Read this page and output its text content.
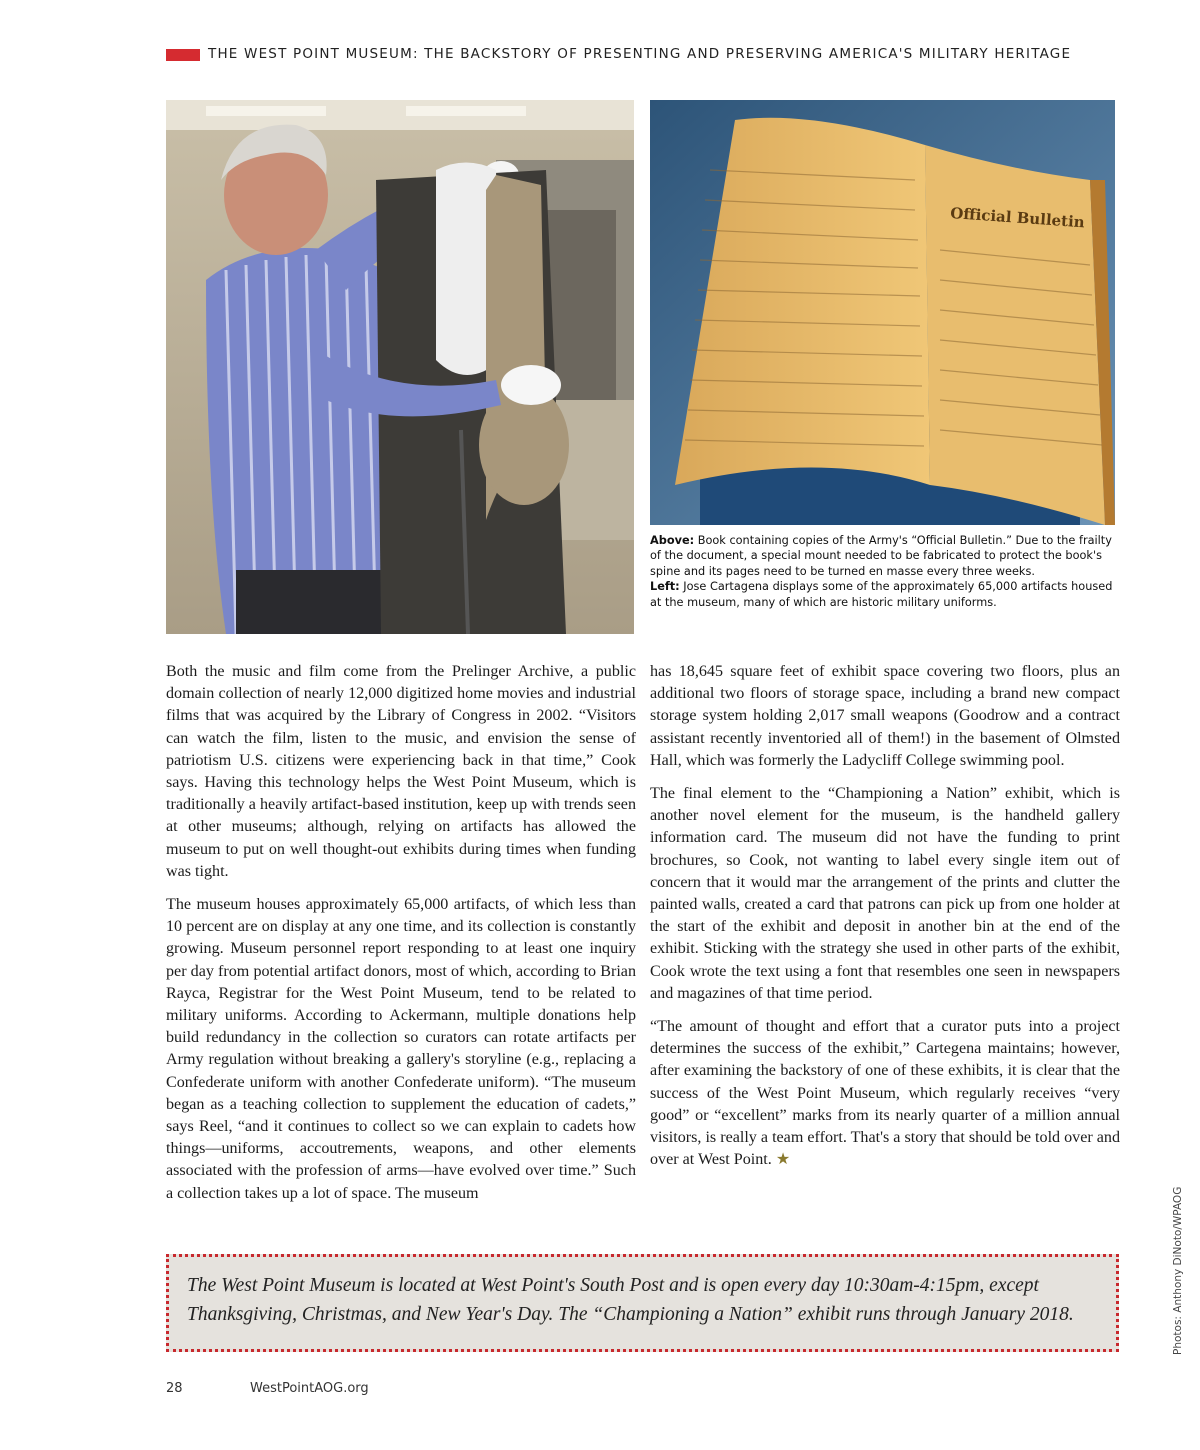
THE WEST POINT MUSEUM: THE BACKSTORY OF PRESENTING AND PRESERVING AMERICA'S MILITARY HERITAGE
Official Bulletin
Above: Book containing copies of the Army's “Official Bulletin.” Due to the frailty of the document, a special mount needed to be fabricated to protect the book's spine and its pages need to be turned en masse every three weeks.
Left: Jose Cartagena displays some of the approximately 65,000 artifacts housed at the museum, many of which are historic military uniforms.

Both the music and film come from the Prelinger Archive, a public domain collection of nearly 12,000 digitized home movies and industrial films that was acquired by the Library of Congress in 2002. “Visitors can watch the film, listen to the music, and envision the sense of patriotism U.S. citizens were experiencing back in that time,” Cook says. Having this technology helps the West Point Museum, which is traditionally a heavily artifact-based institution, keep up with trends seen at other museums; although, relying on artifacts has allowed the museum to put on well thought-out exhibits during times when funding was tight.

The museum houses approximately 65,000 artifacts, of which less than 10 percent are on display at any one time, and its collection is constantly growing. Museum personnel report responding to at least one inquiry per day from potential artifact donors, most of which, according to Brian Rayca, Registrar for the West Point Museum, tend to be related to military uniforms. According to Ackermann, multiple donations help build redundancy in the collection so curators can rotate artifacts per Army regulation without breaking a gallery's storyline (e.g., replacing a Confederate uniform with another Confederate uniform). “The museum began as a teaching collection to supplement the education of cadets,” says Reel, “and it continues to collect so we can explain to cadets how things—uniforms, accoutrements, weapons, and other elements associated with the profession of arms—have evolved over time.” Such a collection takes up a lot of space. The museum

has 18,645 square feet of exhibit space covering two floors, plus an additional two floors of storage space, including a brand new compact storage system holding 2,017 small weapons (Goodrow and a contract assistant recently inventoried all of them!) in the basement of Olmsted Hall, which was formerly the Ladycliff College swimming pool.

The final element to the “Championing a Nation” exhibit, which is another novel element for the museum, is the handheld gallery information card. The museum did not have the funding to print brochures, so Cook, not wanting to label every single item out of concern that it would mar the arrangement of the prints and clutter the painted walls, created a card that patrons can pick up from one holder at the start of the exhibit and deposit in another bin at the end of the exhibit. Sticking with the strategy she used in other parts of the exhibit, Cook wrote the text using a font that resembles one seen in newspapers and magazines of that time period.

“The amount of thought and effort that a curator puts into a project determines the success of the exhibit,” Cartegena maintains; however, after examining the backstory of one of these exhibits, it is clear that the success of the West Point Museum, which regularly receives “very good” or “excellent” marks from its nearly quarter of a million annual visitors, is really a team effort. That's a story that should be told over and over at West Point. ★

The West Point Museum is located at West Point's South Post and is open every day 10:30am-4:15pm, except Thanksgiving, Christmas, and New Year's Day. The “Championing a Nation” exhibit runs through January 2018.	Photos: Anthony DiNoto/WPAOG
28	WestPointAOG.org
